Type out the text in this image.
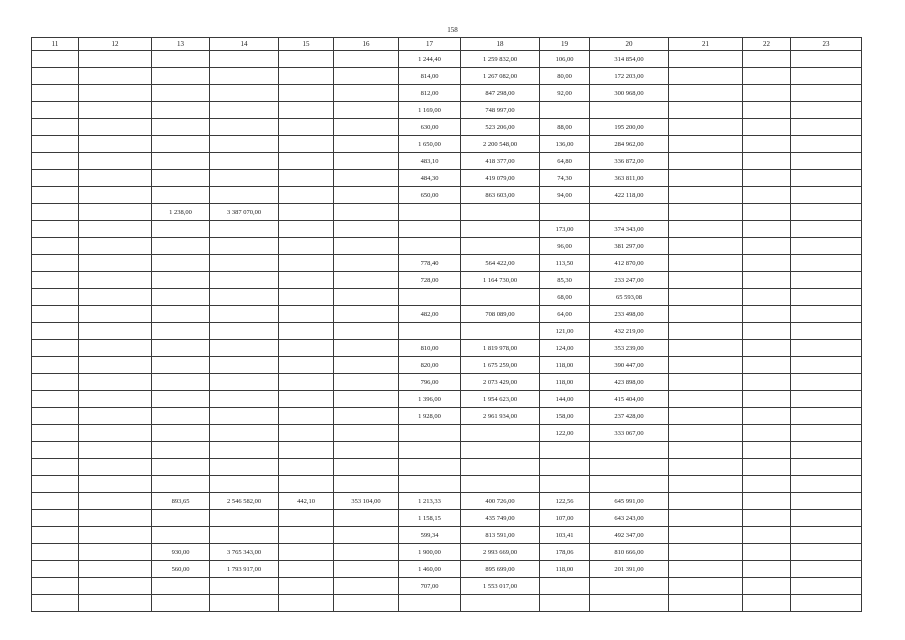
158
11	12	13	14	15	16	17	18	19	20	21	22	23
						1 244,40	1 259 832,00	106,00	314 854,00			
						814,00	1 267 082,00	80,00	172 203,00			
						812,00	847 298,00	92,00	300 968,00			
						1 169,00	748 997,00					
						630,00	523 206,00	88,00	195 200,00			
						1 650,00	2 200 548,00	136,00	284 962,00			
						483,10	418 377,00	64,80	336 872,00			
						484,30	419 079,00	74,30	363 811,00			
						650,00	863 603,00	94,00	422 118,00			
		1 238,00	3 387 070,00									
								173,00	374 343,00			
								96,00	381 297,00			
						778,40	564 422,00	113,50	412 870,00			
						728,00	1 164 730,00	85,30	233 247,00			
								68,00	65 593,08			
						482,00	708 089,00	64,00	233 498,00			
								121,00	432 219,00			
						810,00	1 819 978,00	124,00	353 239,00			
						820,00	1 675 259,00	118,00	390 447,00			
						796,00	2 073 429,00	118,00	423 898,00			
						1 396,00	1 954 623,00	144,00	415 404,00			
						1 928,00	2 961 934,00	158,00	237 428,00			
								122,00	333 067,00			

		893,65	2 546 582,00	442,10	353 104,00	1 213,33	400 726,00	122,56	645 991,00			
						1 158,15	435 749,00	107,00	643 243,00			
						599,34	813 591,00	103,41	492 347,00			
		930,00	3 765 343,00			1 900,00	2 993 669,00	178,06	810 666,00			
		560,00	1 793 917,00			1 460,00	895 699,00	118,00	201 391,00			
						707,00	1 553 017,00					
